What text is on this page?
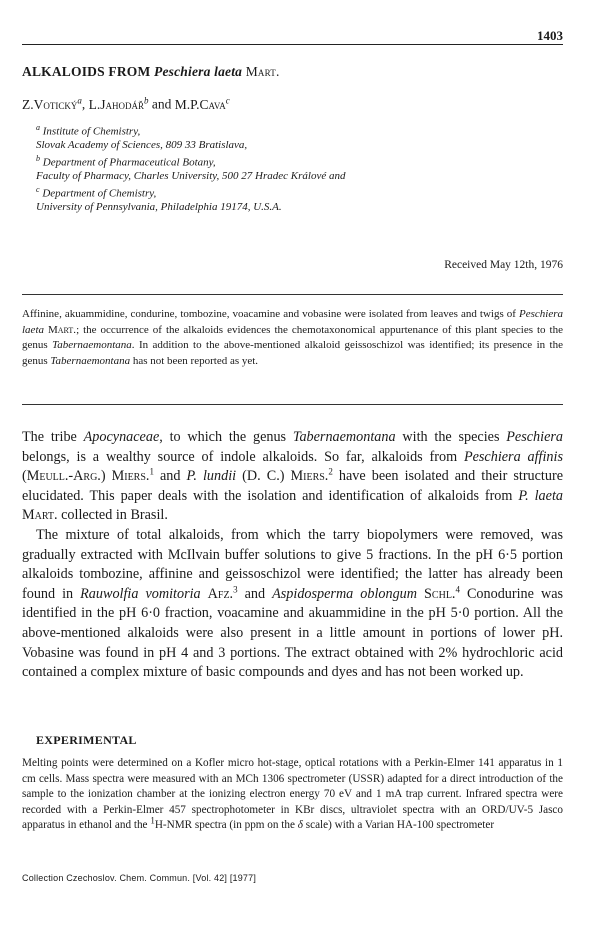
1403
ALKALOIDS FROM Peschiera laeta Mart.
Z.Votický$^a$, L.Jahodář$^b$ and M.P.Cava$^c$
$^a$ Institute of Chemistry,
Slovak Academy of Sciences, 809 33 Bratislava,
$^b$ Department of Pharmaceutical Botany,
Faculty of Pharmacy, Charles University, 500 27 Hradec Králové and
$^c$ Department of Chemistry,
University of Pennsylvania, Philadelphia 19174, U.S.A.
Received May 12th, 1976
Affinine, akuammidine, condurine, tombozine, voacamine and vobasine were isolated from leaves and twigs of Peschiera laeta Mart.; the occurrence of the alkaloids evidences the chemotaxonomical appurtenance of this plant species to the genus Tabernaemontana. In addition to the above-mentioned alkaloid geissoschizol was identified; its presence in the genus Tabernaemontana has not been reported as yet.

The tribe Apocynaceae, to which the genus Tabernaemontana with the species Peschiera belongs, is a wealthy source of indole alkaloids. So far, alkaloids from Peschiera affinis (Meull.-Arg.) Miers.$^1$ and P. lundii (D. C.) Miers.$^2$ have been isolated and their structure elucidated. This paper deals with the isolation and identification of alkaloids from P. laeta Mart. collected in Brasil.

The mixture of total alkaloids, from which the tarry biopolymers were removed, was gradually extracted with McIlvain buffer solutions to give 5 fractions. In the pH 6·5 portion alkaloids tombozine, affinine and geissoschizol were identified; the latter has already been found in Rauwolfia vomitoria Afz.$^3$ and Aspidosperma oblongum Schl.$^4$ Conodurine was identified in the pH 6·0 fraction, voacamine and akuammidine in the pH 5·0 portion. All the above-mentioned alkaloids were also present in a little amount in portions of lower pH. Vobasine was found in pH 4 and 3 portions. The extract obtained with 2% hydrochloric acid contained a complex mixture of basic compounds and dyes and has not been worked up.

EXPERIMENTAL
Melting points were determined on a Kofler micro hot-stage, optical rotations with a Perkin-Elmer 141 apparatus in 1 cm cells. Mass spectra were measured with an MCh 1306 spectrometer (USSR) adapted for a direct introduction of the sample to the ionization chamber at the ionizing electron energy 70 eV and 1 mA trap current. Infrared spectra were recorded with a Perkin-Elmer 457 spectrophotometer in KBr discs, ultraviolet spectra with an ORD/UV-5 Jasco apparatus in ethanol and the $^1$H-NMR spectra (in ppm on the δ scale) with a Varian HA-100 spectrometer
Collection Czechoslov. Chem. Commun. [Vol. 42] [1977]
